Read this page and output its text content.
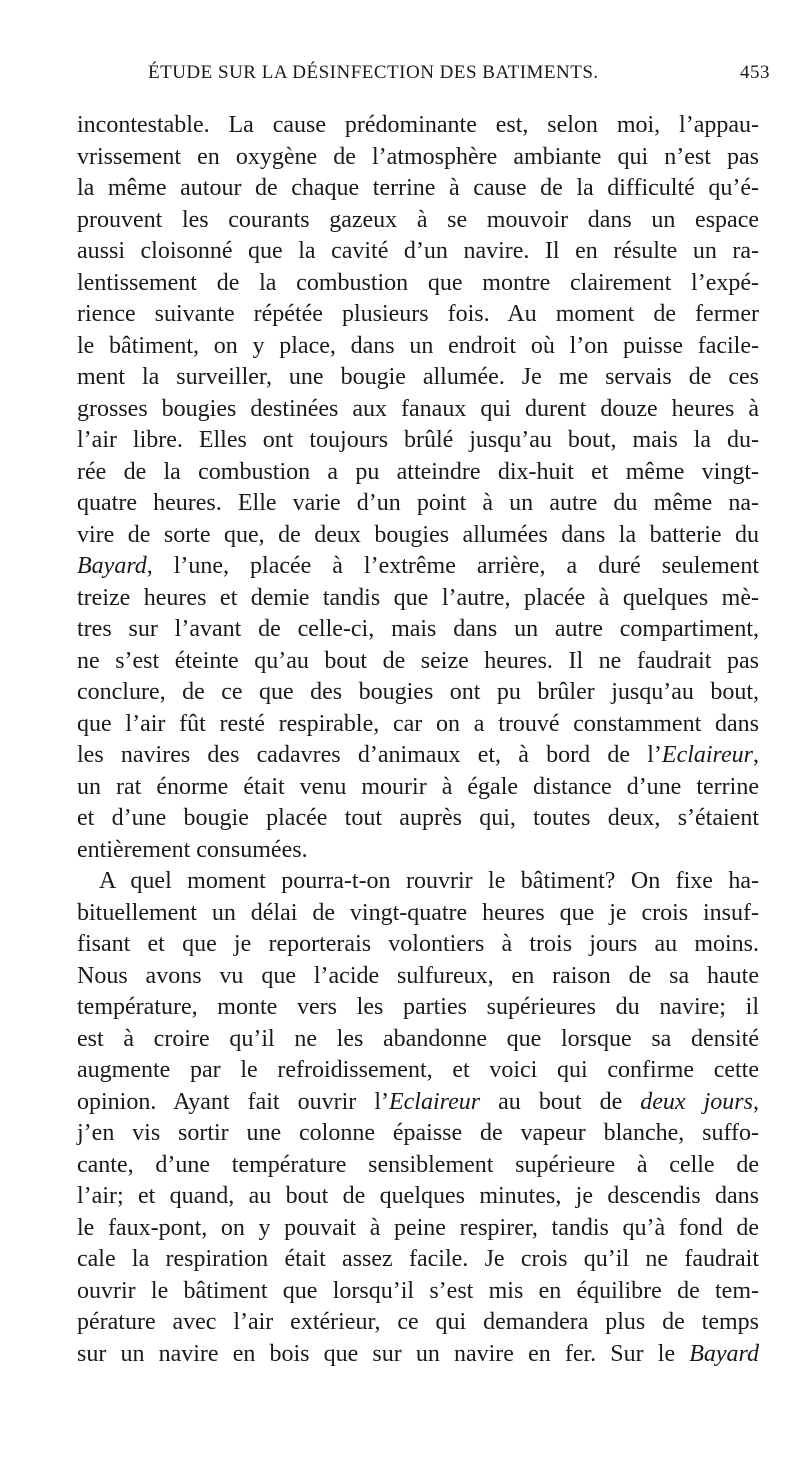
ÉTUDE SUR LA DÉSINFECTION DES BATIMENTS.	453
incontestable. La cause prédominante est, selon moi, l’appau-
vrissement en oxygène de l’atmosphère ambiante qui n’est pas
la même autour de chaque terrine à cause de la difficulté qu’é-
prouvent les courants gazeux à se mouvoir dans un espace
aussi cloisonné que la cavité d’un navire. Il en résulte un ra-
lentissement de la combustion que montre clairement l’expé-
rience suivante répétée plusieurs fois. Au moment de fermer
le bâtiment, on y place, dans un endroit où l’on puisse facile-
ment la surveiller, une bougie allumée. Je me servais de ces
grosses bougies destinées aux fanaux qui durent douze heures à
l’air libre. Elles ont toujours brûlé jusqu’au bout, mais la du-
rée de la combustion a pu atteindre dix-huit et même vingt-
quatre heures. Elle varie d’un point à un autre du même na-
vire de sorte que, de deux bougies allumées dans la batterie du
Bayard, l’une, placée à l’extrême arrière, a duré seulement
treize heures et demie tandis que l’autre, placée à quelques mè-
tres sur l’avant de celle-ci, mais dans un autre compartiment,
ne s’est éteinte qu’au bout de seize heures. Il ne faudrait pas
conclure, de ce que des bougies ont pu brûler jusqu’au bout,
que l’air fût resté respirable, car on a trouvé constamment dans
les navires des cadavres d’animaux et, à bord de l’Eclaireur,
un rat énorme était venu mourir à égale distance d’une terrine
et d’une bougie placée tout auprès qui, toutes deux, s’étaient
entièrement consumées.
A quel moment pourra-t-on rouvrir le bâtiment? On fixe ha-
bituellement un délai de vingt-quatre heures que je crois insuf-
fisant et que je reporterais volontiers à trois jours au moins.
Nous avons vu que l’acide sulfureux, en raison de sa haute
température, monte vers les parties supérieures du navire; il
est à croire qu’il ne les abandonne que lorsque sa densité
augmente par le refroidissement, et voici qui confirme cette
opinion. Ayant fait ouvrir l’Eclaireur au bout de deux jours,
j’en vis sortir une colonne épaisse de vapeur blanche, suffo-
cante, d’une température sensiblement supérieure à celle de
l’air; et quand, au bout de quelques minutes, je descendis dans
le faux-pont, on y pouvait à peine respirer, tandis qu’à fond de
cale la respiration était assez facile. Je crois qu’il ne faudrait
ouvrir le bâtiment que lorsqu’il s’est mis en équilibre de tem-
pérature avec l’air extérieur, ce qui demandera plus de temps
sur un navire en bois que sur un navire en fer. Sur le Bayard
